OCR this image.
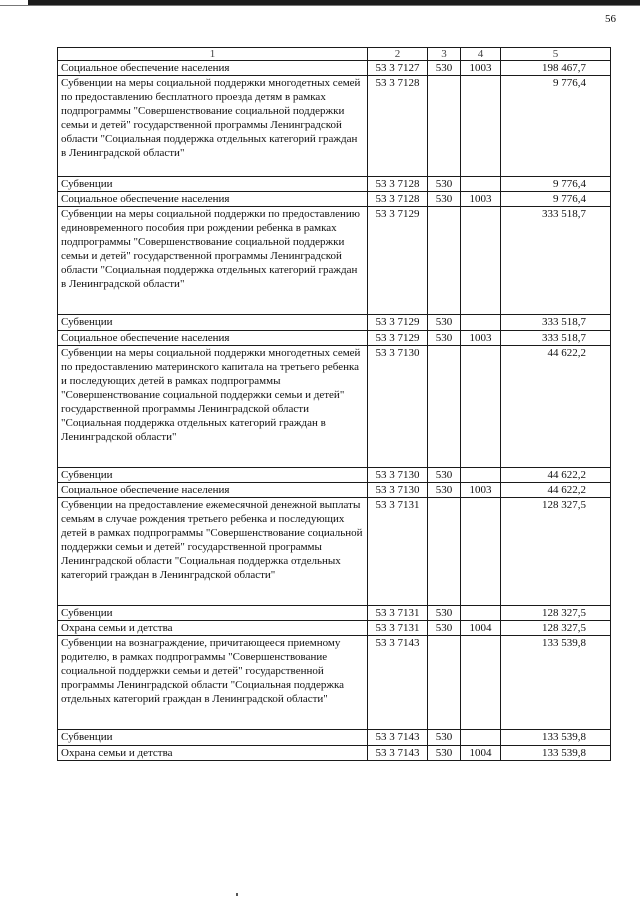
56
1	2	3	4	5
Социальное обеспечение населения	53 3 7127	530	1003	198 467,7
Субвенции на меры социальной поддержки многодетных семей по предоставлению бесплатного проезда детям в рамках подпрограммы "Совершенствование социальной поддержки семьи и детей" государственной программы Ленинградской области "Социальная поддержка отдельных категорий граждан в Ленинградской области"	53 3 7128			9 776,4
Субвенции	53 3 7128	530		9 776,4
Социальное обеспечение населения	53 3 7128	530	1003	9 776,4
Субвенции на меры социальной поддержки по предоставлению единовременного пособия при рождении ребенка в рамках подпрограммы "Совершенствование социальной поддержки семьи и детей" государственной программы Ленинградской области "Социальная поддержка отдельных категорий граждан в Ленинградской области"	53 3 7129			333 518,7
Субвенции	53 3 7129	530		333 518,7
Социальное обеспечение населения	53 3 7129	530	1003	333 518,7
Субвенции на меры социальной поддержки многодетных семей по предоставлению материнского капитала на третьего ребенка и последующих детей в рамках подпрограммы "Совершенствование социальной поддержки семьи и детей" государственной программы Ленинградской области "Социальная поддержка отдельных категорий граждан в Ленинградской области"	53 3 7130			44 622,2
Субвенции	53 3 7130	530		44 622,2
Социальное обеспечение населения	53 3 7130	530	1003	44 622,2
Субвенции на предоставление ежемесячной денежной выплаты семьям в случае рождения третьего ребенка и последующих детей в рамках подпрограммы "Совершенствование социальной поддержки семьи и детей" государственной программы Ленинградской области "Социальная поддержка отдельных категорий граждан в Ленинградской области"	53 3 7131			128 327,5
Субвенции	53 3 7131	530		128 327,5
Охрана семьи и детства	53 3 7131	530	1004	128 327,5
Субвенции на вознаграждение, причитающееся приемному родителю, в рамках подпрограммы "Совершенствование социальной поддержки семьи и детей" государственной программы Ленинградской области "Социальная поддержка отдельных категорий граждан в Ленинградской области"	53 3 7143			133 539,8
Субвенции	53 3 7143	530		133 539,8
Охрана семьи и детства	53 3 7143	530	1004	133 539,8
